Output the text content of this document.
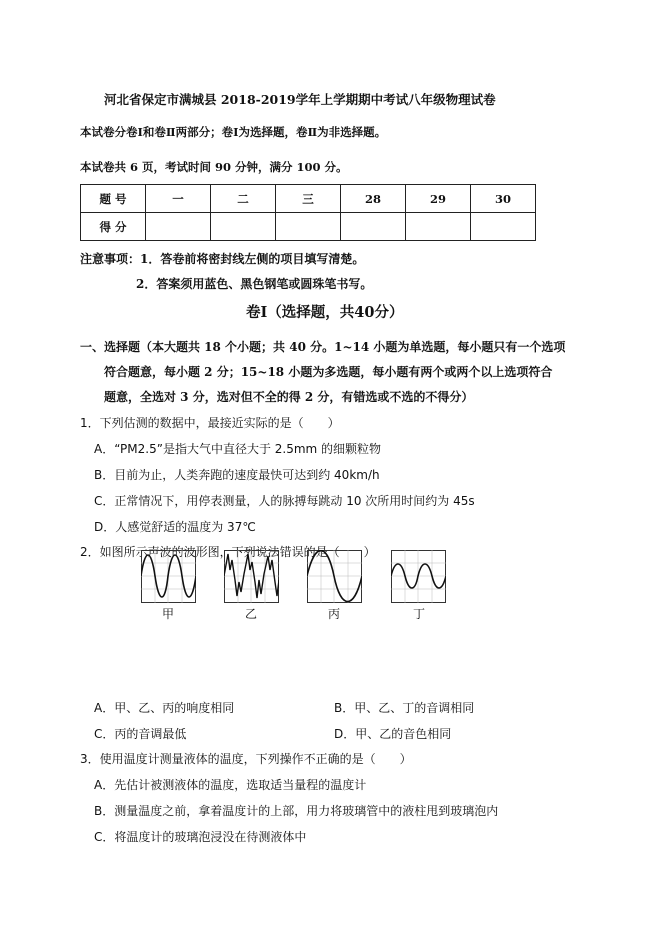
河北省保定市满城县 2018-2019学年上学期期中考试八年级物理试卷
本试卷分卷Ⅰ和卷Ⅱ两部分；卷Ⅰ为选择题，卷Ⅱ为非选择题。
本试卷共 6 页，考试时间 90 分钟，满分 100 分。
题 号	一	二	三	28	29	30
得 分						
注意事项：1．答卷前将密封线左侧的项目填写清楚。
2．答案须用蓝色、黑色钢笔或圆珠笔书写。
卷Ⅰ（选择题，共40分）
一、选择题（本大题共 18 个小题；共 40 分。1~14 小题为单选题，每小题只有一个选项
符合题意，每小题 2 分；15~18 小题为多选题，每小题有两个或两个以上选项符合
题意，全选对 3 分，选对但不全的得 2 分，有错选或不选的不得分）
1．下列估测的数据中，最接近实际的是（　　）
A．“PM2.5”是指大气中直径大于 2.5mm 的细颗粒物
B．目前为止，人类奔跑的速度最快可达到约 40km/h
C．正常情况下，用停表测量，人的脉搏每跳动 10 次所用时间约为 45s
D．人感觉舒适的温度为 37℃
2．如图所示声波的波形图，下列说法错误的是（　　）
甲	乙	丙	丁
A．甲、乙、丙的响度相同	B．甲、乙、丁的音调相同
C．丙的音调最低	D．甲、乙的音色相同
3．使用温度计测量液体的温度，下列操作不正确的是（　　）
A．先估计被测液体的温度，选取适当量程的温度计
B．测量温度之前，拿着温度计的上部，用力将玻璃管中的液柱甩到玻璃泡内
C．将温度计的玻璃泡浸没在待测液体中
